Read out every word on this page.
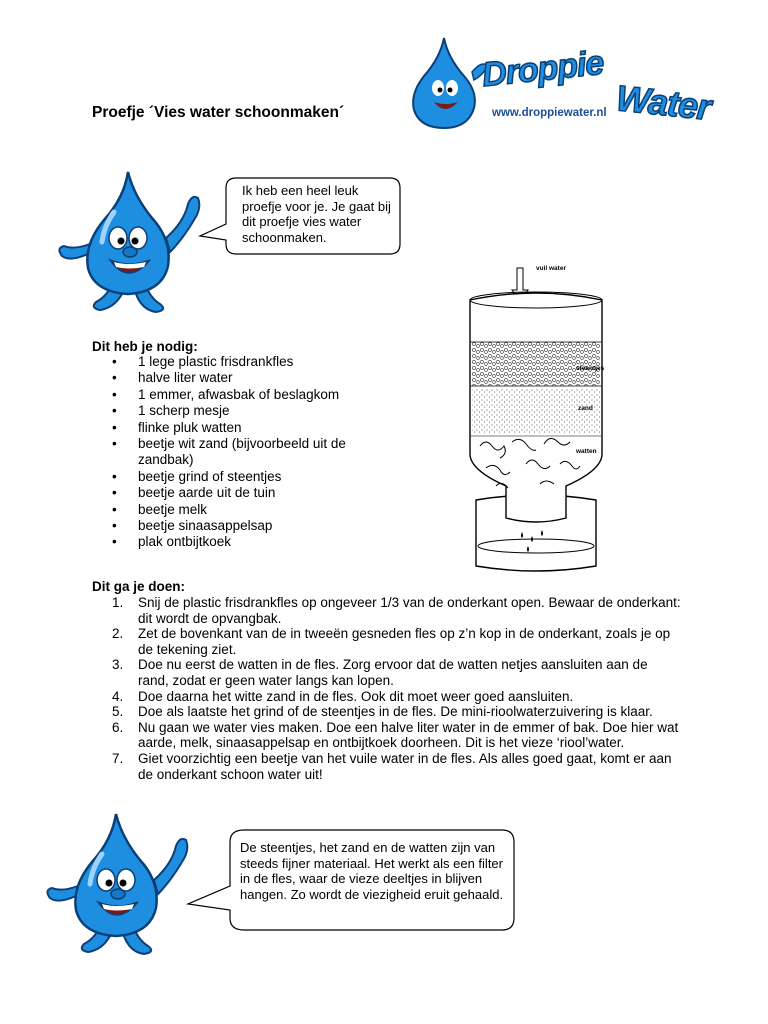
Proefje ´Vies water schoonmaken´
Droppie
Water
www.droppiewater.nl
Ik heb een heel leuk proefje voor je. Je gaat bij dit proefje vies water schoonmaken.
Dit heb je nodig:
• 1 lege plastic frisdrankfles
• halve liter water
• 1 emmer, afwasbak of beslagkom
• 1 scherp mesje
• flinke pluk watten
• beetje wit zand (bijvoorbeeld uit de zandbak)
• beetje grind of steentjes
• beetje aarde uit de tuin
• beetje melk
• beetje sinaasappelsap
• plak ontbijtkoek
vuil water
steentjes
zand
watten
Dit ga je doen:
1. Snij de plastic frisdrankfles op ongeveer 1/3 van de onderkant open. Bewaar de onderkant: dit wordt de opvangbak.
2. Zet de bovenkant van de in tweeën gesneden fles op z’n kop in de onderkant, zoals je op de tekening ziet.
3. Doe nu eerst de watten in de fles. Zorg ervoor dat de watten netjes aansluiten aan de rand, zodat er geen water langs kan lopen.
4. Doe daarna het witte zand in de fles. Ook dit moet weer goed aansluiten.
5. Doe als laatste het grind of de steentjes in de fles. De mini-rioolwaterzuivering is klaar.
6. Nu gaan we water vies maken. Doe een halve liter water in de emmer of bak. Doe hier wat aarde, melk, sinaasappelsap en ontbijtkoek doorheen. Dit is het vieze ‘riool’water.
7. Giet voorzichtig een beetje van het vuile water in de fles. Als alles goed gaat, komt er aan de onderkant schoon water uit!
De steentjes, het zand en de watten zijn van steeds fijner materiaal. Het werkt als een filter in de fles, waar de vieze deeltjes in blijven hangen. Zo wordt de viezigheid eruit gehaald.
